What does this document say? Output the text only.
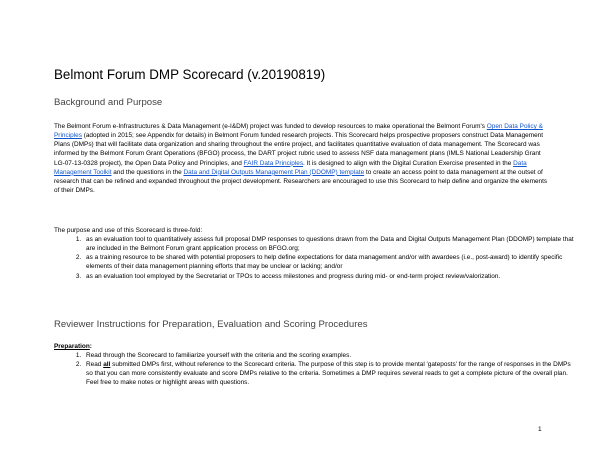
Belmont Forum DMP Scorecard (v.20190819)
Background and Purpose

The Belmont Forum e-Infrastructures & Data Management (e-I&DM) project was funded to develop resources to make operational the Belmont Forum's Open Data Policy & Principles (adopted in 2015; see Appendix for details) in Belmont Forum funded research projects. This Scorecard helps prospective proposers construct Data Management Plans (DMPs) that will facilitate data organization and sharing throughout the entire project, and facilitates quantitative evaluation of data management. The Scorecard was informed by the Belmont Forum Grant Operations (BFGO) process, the DART project rubric used to assess NSF data management plans (IMLS National Leadership Grant LG-07-13-0328 project), the Open Data Policy and Principles, and FAIR Data Principles. It is designed to align with the Digital Curation Exercise presented in the Data Management Toolkit and the questions in the Data and Digital Outputs Management Plan (DDOMP) template to create an access point to data management at the outset of research that can be refined and expanded throughout the project development. Researchers are encouraged to use this Scorecard to help define and organize the elements of their DMPs.

The purpose and use of this Scorecard is three-fold:

1. as an evaluation tool to quantitatively assess full proposal DMP responses to questions drawn from the Data and Digital Outputs Management Plan (DDOMP) template that are included in the Belmont Forum grant application process on BFGO.org;
2. as a training resource to be shared with potential proposers to help define expectations for data management and/or with awardees (i.e., post-award) to identify specific elements of their data management planning efforts that may be unclear or lacking; and/or
3. as an evaluation tool employed by the Secretariat or TPOs to access milestones and progress during mid- or end-term project review/valorization.
Reviewer Instructions for Preparation, Evaluation and Scoring Procedures

Preparation:

1. Read through the Scorecard to familiarize yourself with the criteria and the scoring examples.
2. Read all submitted DMPs first, without reference to the Scorecard criteria. The purpose of this step is to provide mental 'gateposts' for the range of responses in the DMPs so that you can more consistently evaluate and score DMPs relative to the criteria. Sometimes a DMP requires several reads to get a complete picture of the overall plan. Feel free to make notes or highlight areas with questions.
1
